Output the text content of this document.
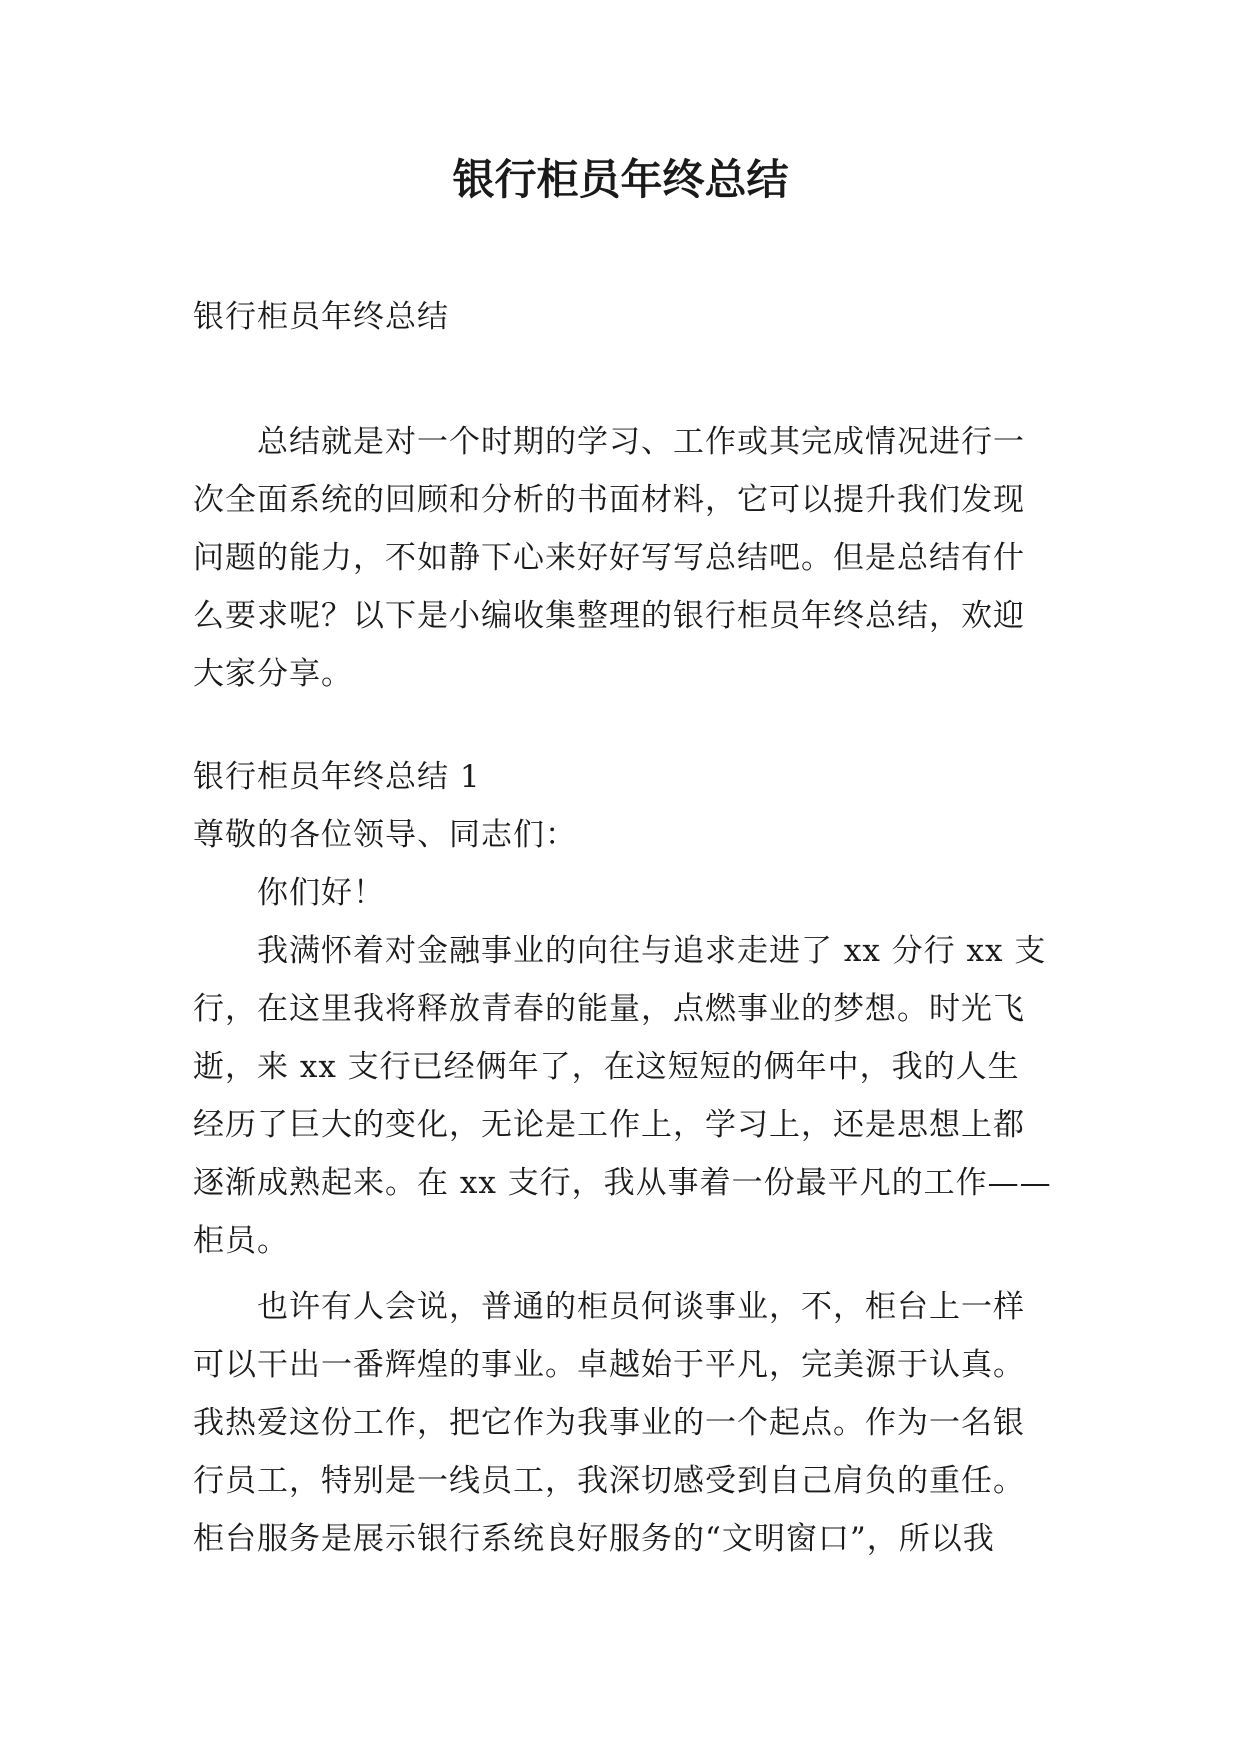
银行柜员年终总结
银行柜员年终总结
总结就是对一个时期的学习、工作或其完成情况进行一
次全面系统的回顾和分析的书面材料，它可以提升我们发现
问题的能力，不如静下心来好好写写总结吧。但是总结有什
么要求呢？以下是小编收集整理的银行柜员年终总结，欢迎
大家分享。
银行柜员年终总结 1
尊敬的各位领导、同志们：
你们好！
我满怀着对金融事业的向往与追求走进了 xx 分行 xx 支
行，在这里我将释放青春的能量，点燃事业的梦想。时光飞
逝，来 xx 支行已经俩年了，在这短短的俩年中，我的人生
经历了巨大的变化，无论是工作上，学习上，还是思想上都
逐渐成熟起来。在 xx 支行，我从事着一份最平凡的工作——
柜员。
也许有人会说，普通的柜员何谈事业，不，柜台上一样
可以干出一番辉煌的事业。卓越始于平凡，完美源于认真。
我热爱这份工作，把它作为我事业的一个起点。作为一名银
行员工，特别是一线员工，我深切感受到自己肩负的重任。
柜台服务是展示银行系统良好服务的“文明窗口”，所以我
